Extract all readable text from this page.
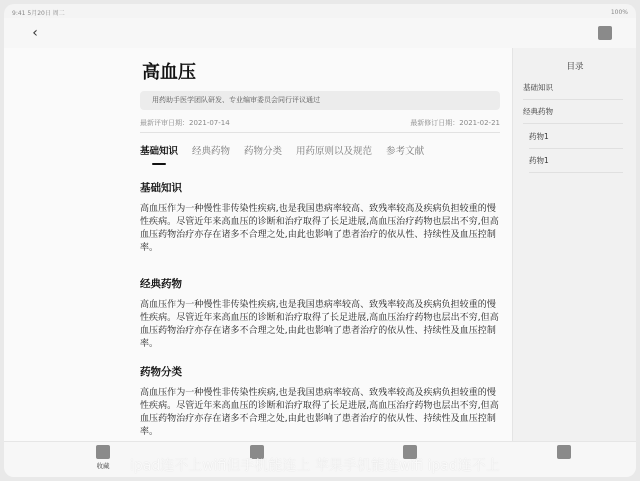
9:41 5月20日 周二	100%
‹
高血压
用药助手医学团队研发、专业编审委员会同行评议通过
最新评审日期：2021-07-14	最新修订日期：2021-02-21
基础知识 经典药物 药物分类 用药原则以及规范 参考文献
基础知识

高血压作为一种慢性非传染性疾病,也是我国患病率较高、致残率较高及疾病负担较重的慢性疾病。尽管近年来高血压的诊断和治疗取得了长足进展,高血压治疗药物也层出不穷,但高血压药物治疗亦存在诸多不合理之处,由此也影响了患者治疗的依从性、持续性及血压控制率。

经典药物

高血压作为一种慢性非传染性疾病,也是我国患病率较高、致残率较高及疾病负担较重的慢性疾病。尽管近年来高血压的诊断和治疗取得了长足进展,高血压治疗药物也层出不穷,但高血压药物治疗亦存在诸多不合理之处,由此也影响了患者治疗的依从性、持续性及血压控制率。

药物分类

高血压作为一种慢性非传染性疾病,也是我国患病率较高、致残率较高及疾病负担较重的慢性疾病。尽管近年来高血压的诊断和治疗取得了长足进展,高血压治疗药物也层出不穷,但高血压药物治疗亦存在诸多不合理之处,由此也影响了患者治疗的依从性、持续性及血压控制率。

目录
基础知识
经典药物
药物1
药物1
收藏	ipad连不上wifi但手机能连上 苹果手机能连wifi ipad连不上
